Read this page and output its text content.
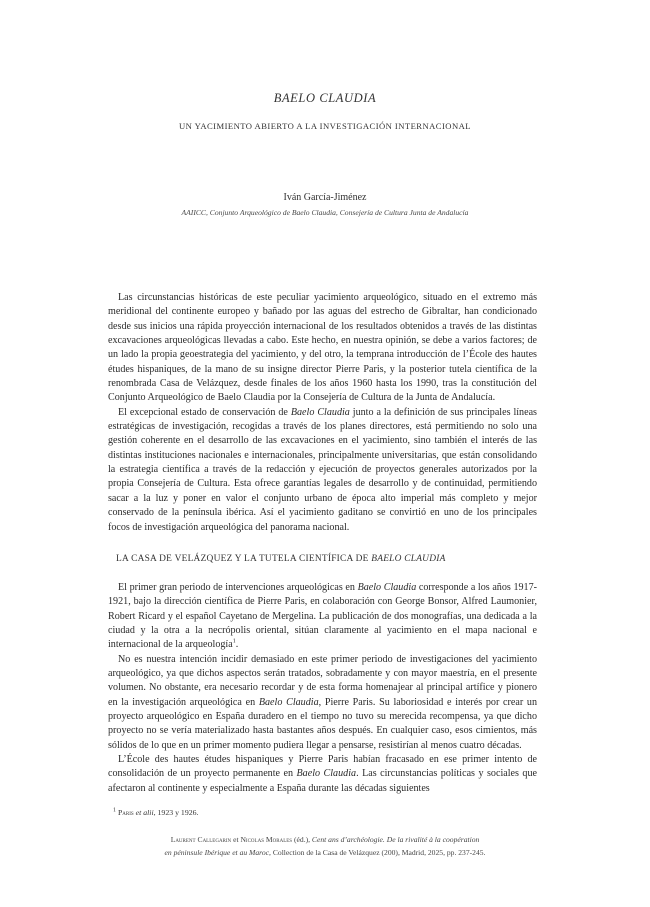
BAELO CLAUDIA
UN YACIMIENTO ABIERTO A LA INVESTIGACIÓN INTERNACIONAL
Iván García-Jiménez
AAIICC, Conjunto Arqueológico de Baelo Claudia, Consejería de Cultura Junta de Andalucía

Las circunstancias históricas de este peculiar yacimiento arqueológico, situado en el extremo más meridional del continente europeo y bañado por las aguas del estrecho de Gibraltar, han condicionado desde sus inicios una rápida proyección internacional de los resultados obtenidos a través de las distintas excavaciones arqueológicas llevadas a cabo. Este hecho, en nuestra opinión, se debe a varios factores; de un lado la propia geoestrategia del yacimiento, y del otro, la temprana introducción de l’École des hautes études hispaniques, de la mano de su insigne director Pierre Paris, y la posterior tutela científica de la renombrada Casa de Velázquez, desde finales de los años 1960 hasta los 1990, tras la constitución del Conjunto Arqueológico de Baelo Claudia por la Consejería de Cultura de la Junta de Andalucía.

El excepcional estado de conservación de Baelo Claudia junto a la definición de sus principales líneas estratégicas de investigación, recogidas a través de los planes directores, está permitiendo no solo una gestión coherente en el desarrollo de las excavaciones en el yacimiento, sino también el interés de las distintas instituciones nacionales e internacionales, principalmente universitarias, que están consolidando la estrategia científica a través de la redacción y ejecución de proyectos generales autorizados por la propia Consejería de Cultura. Esta ofrece garantías legales de desarrollo y de continuidad, permitiendo sacar a la luz y poner en valor el conjunto urbano de época alto imperial más completo y mejor conservado de la península ibérica. Así el yacimiento gaditano se convirtió en uno de los principales focos de investigación arqueológica del panorama nacional.

LA CASA DE VELÁZQUEZ Y LA TUTELA CIENTÍFICA DE BAELO CLAUDIA

El primer gran periodo de intervenciones arqueológicas en Baelo Claudia corresponde a los años 1917-1921, bajo la dirección científica de Pierre Paris, en colaboración con George Bonsor, Alfred Laumonier, Robert Ricard y el español Cayetano de Mergelina. La publicación de dos monografías, una dedicada a la ciudad y la otra a la necrópolis oriental, sitúan claramente al yacimiento en el mapa nacional e internacional de la arqueología$^1$.

No es nuestra intención incidir demasiado en este primer periodo de investigaciones del yacimiento arqueológico, ya que dichos aspectos serán tratados, sobradamente y con mayor maestría, en el presente volumen. No obstante, era necesario recordar y de esta forma homenajear al principal artífice y pionero en la investigación arqueológica en Baelo Claudia, Pierre Paris. Su laboriosidad e interés por crear un proyecto arqueológico en España duradero en el tiempo no tuvo su merecida recompensa, ya que dicho proyecto no se vería materializado hasta bastantes años después. En cualquier caso, esos cimientos, más sólidos de lo que en un primer momento pudiera llegar a pensarse, resistirían al menos cuatro décadas.

L’École des hautes études hispaniques y Pierre Paris habían fracasado en ese primer intento de consolidación de un proyecto permanente en Baelo Claudia. Las circunstancias políticas y sociales que afectaron al continente y especialmente a España durante las décadas siguientes

$^1$ Paris et alii, 1923 y 1926.
Laurent Callegarin et Nicolas Morales (éd.), Cent ans d’archéologie. De la rivalité à la coopération
en péninsule Ibérique et au Maroc, Collection de la Casa de Velázquez (200), Madrid, 2025, pp. 237-245.
